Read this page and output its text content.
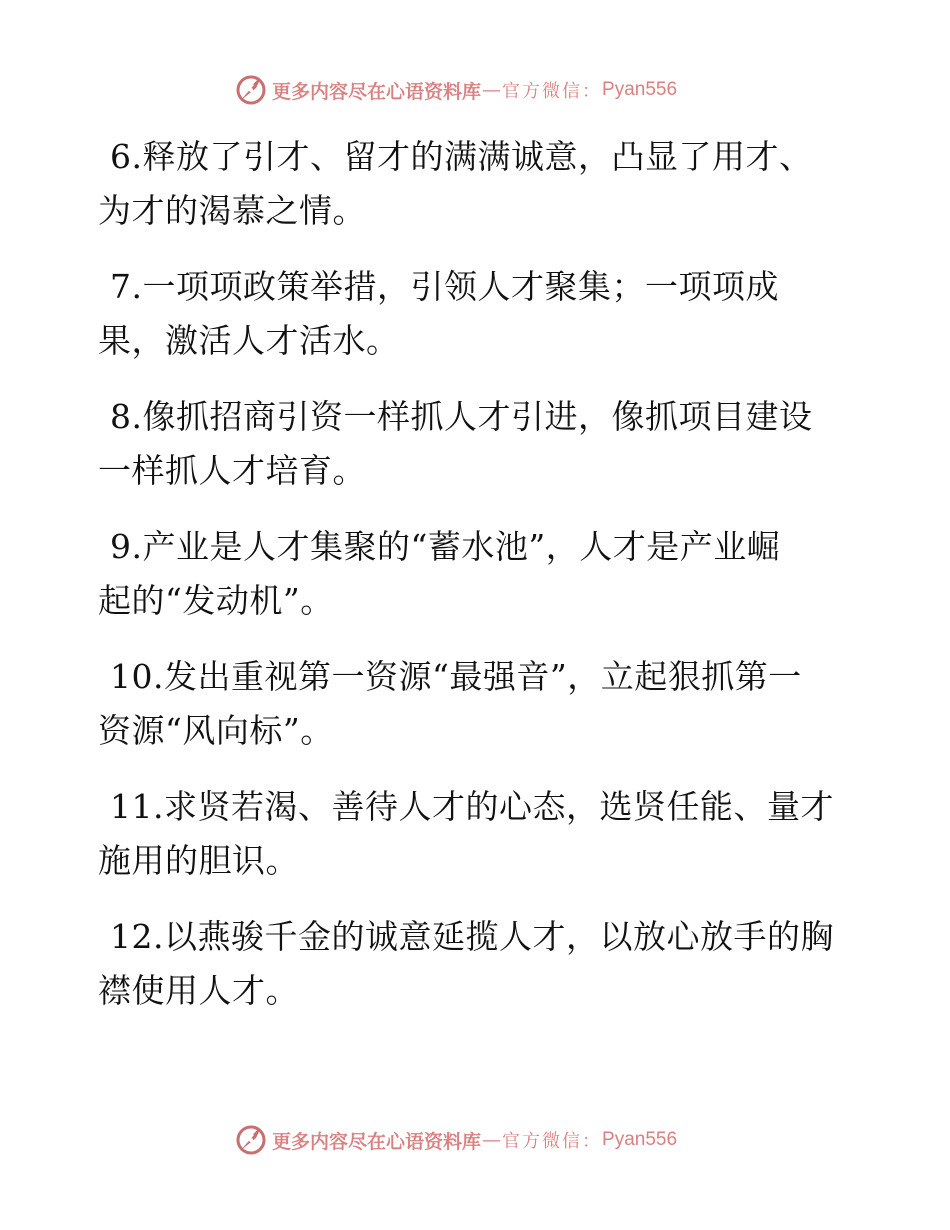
更多内容尽在心语资料库 — 官方微信： Pyan556
6.释放了引才、留才的满满诚意，凸显了用才、
为才的渴慕之情。
7.一项项政策举措，引领人才聚集；一项项成
果，激活人才活水。
8.像抓招商引资一样抓人才引进，像抓项目建设
一样抓人才培育。
9.产业是人才集聚的“蓄水池”，人才是产业崛
起的“发动机”。
10.发出重视第一资源“最强音”，立起狠抓第一
资源“风向标”。
11.求贤若渴、善待人才的心态，选贤任能、量才
施用的胆识。
12.以燕骏千金的诚意延揽人才，以放心放手的胸
襟使用人才。
更多内容尽在心语资料库 — 官方微信： Pyan556
